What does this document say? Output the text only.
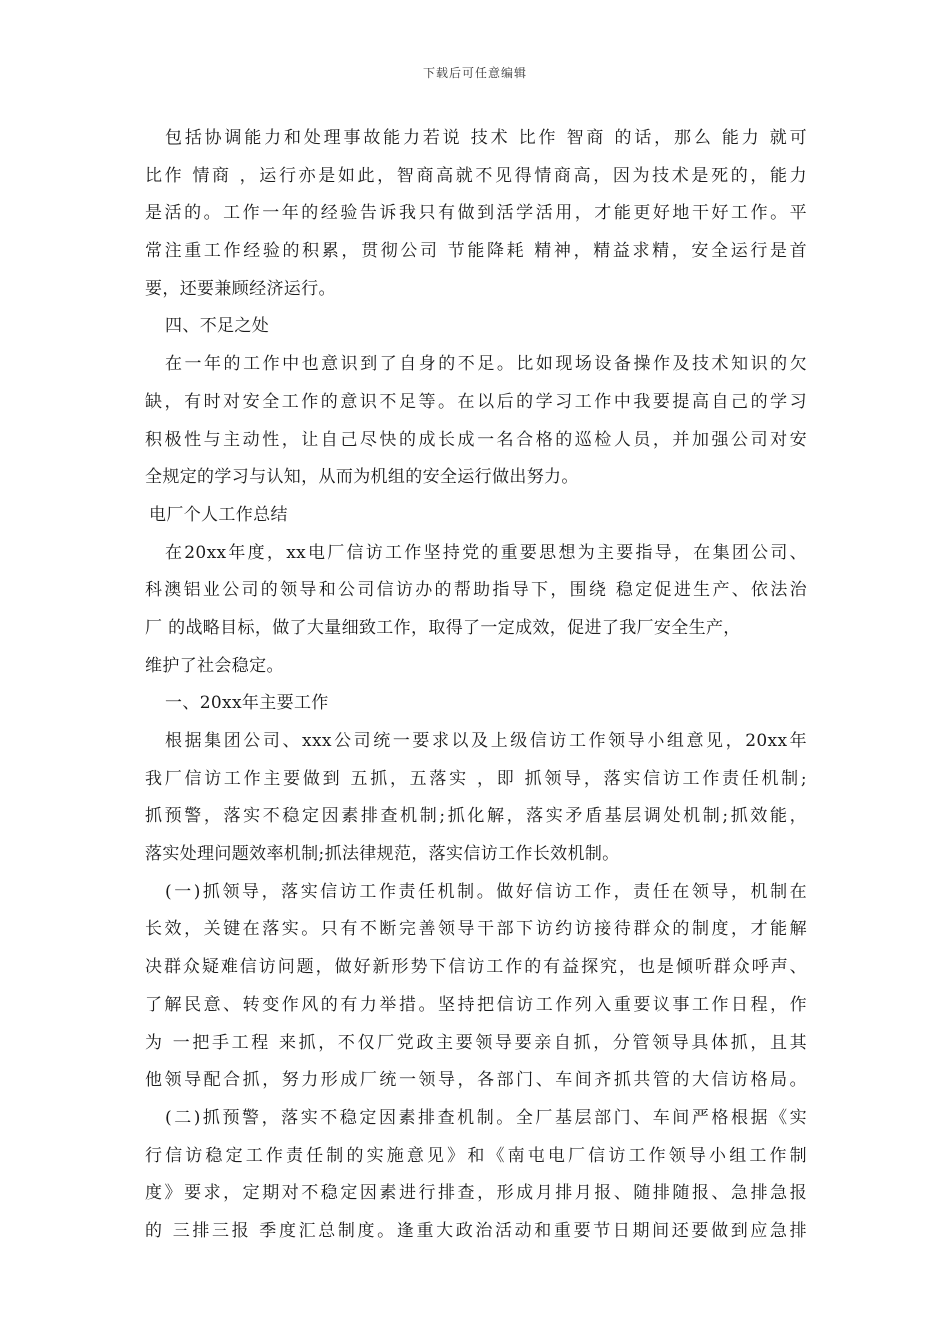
下载后可任意编辑
包括协调能力和处理事故能力若说 技术 比作 智商 的话，那么 能力 就可
比作 情商 ，运行亦是如此，智商高就不见得情商高，因为技术是死的，能力
是活的。工作一年的经验告诉我只有做到活学活用，才能更好地干好工作。平
常注重工作经验的积累，贯彻公司 节能降耗 精神，精益求精，安全运行是首
要，还要兼顾经济运行。
四、不足之处
在一年的工作中也意识到了自身的不足。比如现场设备操作及技术知识的欠
缺，有时对安全工作的意识不足等。在以后的学习工作中我要提高自己的学习
积极性与主动性，让自己尽快的成长成一名合格的巡检人员，并加强公司对安
全规定的学习与认知，从而为机组的安全运行做出努力。
电厂个人工作总结
在20xx年度，xx电厂信访工作坚持党的重要思想为主要指导，在集团公司、
科澳铝业公司的领导和公司信访办的帮助指导下，围绕 稳定促进生产、依法治
厂 的战略目标，做了大量细致工作，取得了一定成效，促进了我厂安全生产，
维护了社会稳定。
一、20xx年主要工作
根据集团公司、xxx公司统一要求以及上级信访工作领导小组意见，20xx年
我厂信访工作主要做到 五抓，五落实 ，即 抓领导，落实信访工作责任机制;
抓预警，落实不稳定因素排查机制;抓化解，落实矛盾基层调处机制;抓效能，
落实处理问题效率机制;抓法律规范，落实信访工作长效机制。
(一)抓领导，落实信访工作责任机制。做好信访工作，责任在领导，机制在
长效，关键在落实。只有不断完善领导干部下访约访接待群众的制度，才能解
决群众疑难信访问题，做好新形势下信访工作的有益探究，也是倾听群众呼声、
了解民意、转变作风的有力举措。坚持把信访工作列入重要议事工作日程，作
为 一把手工程 来抓，不仅厂党政主要领导要亲自抓，分管领导具体抓，且其
他领导配合抓，努力形成厂统一领导，各部门、车间齐抓共管的大信访格局。
(二)抓预警，落实不稳定因素排查机制。全厂基层部门、车间严格根据《实
行信访稳定工作责任制的实施意见》和《南屯电厂信访工作领导小组工作制
度》要求，定期对不稳定因素进行排查，形成月排月报、随排随报、急排急报
的 三排三报 季度汇总制度。逢重大政治活动和重要节日期间还要做到应急排
